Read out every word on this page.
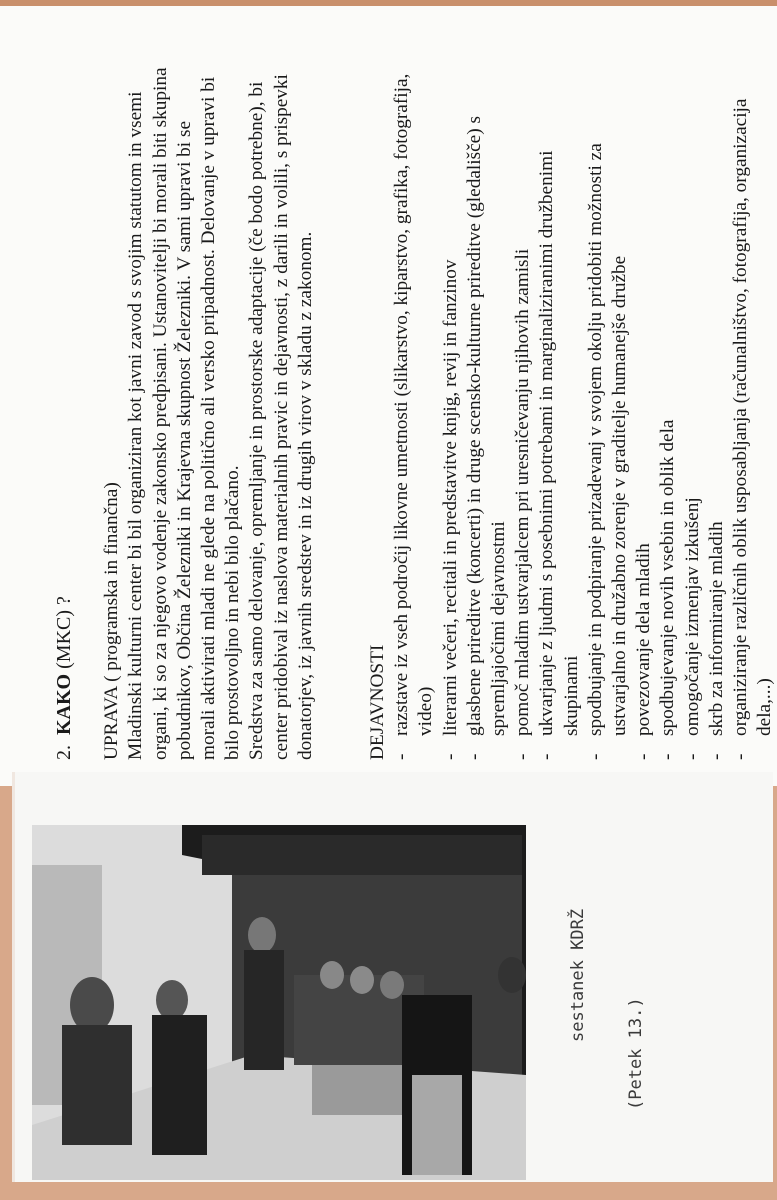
2.  KAKO (MKC) ? UPRAVA ( programska in finančna) Mladinski kulturni center bi bil organiziran kot javni zavod s svojim statutom in vsemi organi, ki so za njegovo vodenje zakonsko predpisani. Ustanovitelji bi morali biti skupina pobudnikov, Občina Železniki in Krajevna skupnost Železniki. V sami upravi bi se morali aktivirati mladi ne glede na politično ali versko pripadnost. Delovanje v upravi bi bilo prostovoljno in nebi bilo plačano. Sredstva za samo delovanje, opremljanje in prostorske adaptacije (če bodo potrebne), bi center pridobival iz naslova materialnih pravic in dejavnosti, z darili in volili, s prispevki donatorjev, iz javnih sredstev in iz drugih virov v skladu z zakonom.	DEJAVNOSTI -
razstave iz vseh področij likovne umetnosti (slikarstvo, kiparstvo, grafika, fotografija, video)
-
literarni večeri, recitali in predstavitve knjig, revij in fanzinov
-
glasbene prireditve (koncerti) in druge scensko-kulturne prireditve (gledališče) s spremljajočimi dejavnostmi
-
pomoč mladim ustvarjalcem pri uresničevanju njihovih zamisli
-
ukvarjanje z ljudmi s posebnimi potrebami in marginaliziranimi družbenimi skupinami
-
spodbujanje in podpiranje prizadevanj v svojem okolju pridobiti možnosti za ustvarjalno in družabno zorenje v graditelje humanejše družbe
-
povezovanje dela mladih
-
spodbujevanje novih vsebin in oblik dela
-
omogočanje izmenjav izkušenj
-
skrb za informiranje mladih
-
organiziranje različnih oblik usposabljanja (računalništvo, fotografija, organizacija dela,...)
sestanek KDRŽ
(Petek 13.)
